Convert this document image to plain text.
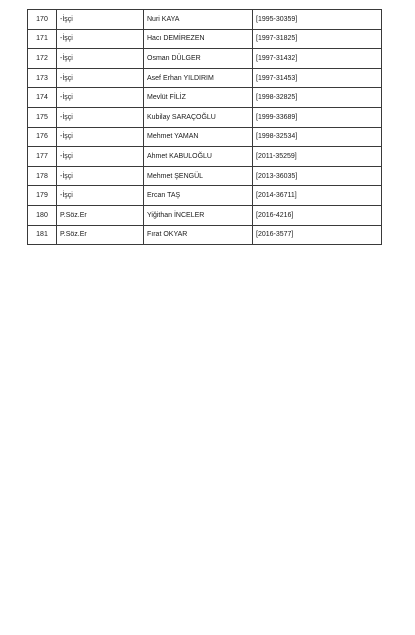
170	-İşçi	Nuri KAYA	[1995-30359]
171	-İşçi	Hacı DEMİREZEN	[1997-31825]
172	-İşçi	Osman DÜLGER	[1997-31432]
173	-İşçi	Asef Erhan YILDIRIM	[1997-31453]
174	-İşçi	Mevlüt FİLİZ	[1998-32825]
175	-İşçi	Kubilay SARAÇOĞLU	[1999-33689]
176	-İşçi	Mehmet YAMAN	[1998-32534]
177	-İşçi	Ahmet KABULOĞLU	[2011-35259]
178	-İşçi	Mehmet ŞENGÜL	[2013-36035]
179	-İşçi	Ercan TAŞ	[2014-36711]
180	P.Söz.Er	Yiğithan İNCELER	[2016-4216]
181	P.Söz.Er	Fırat OKYAR	[2016-3577]
